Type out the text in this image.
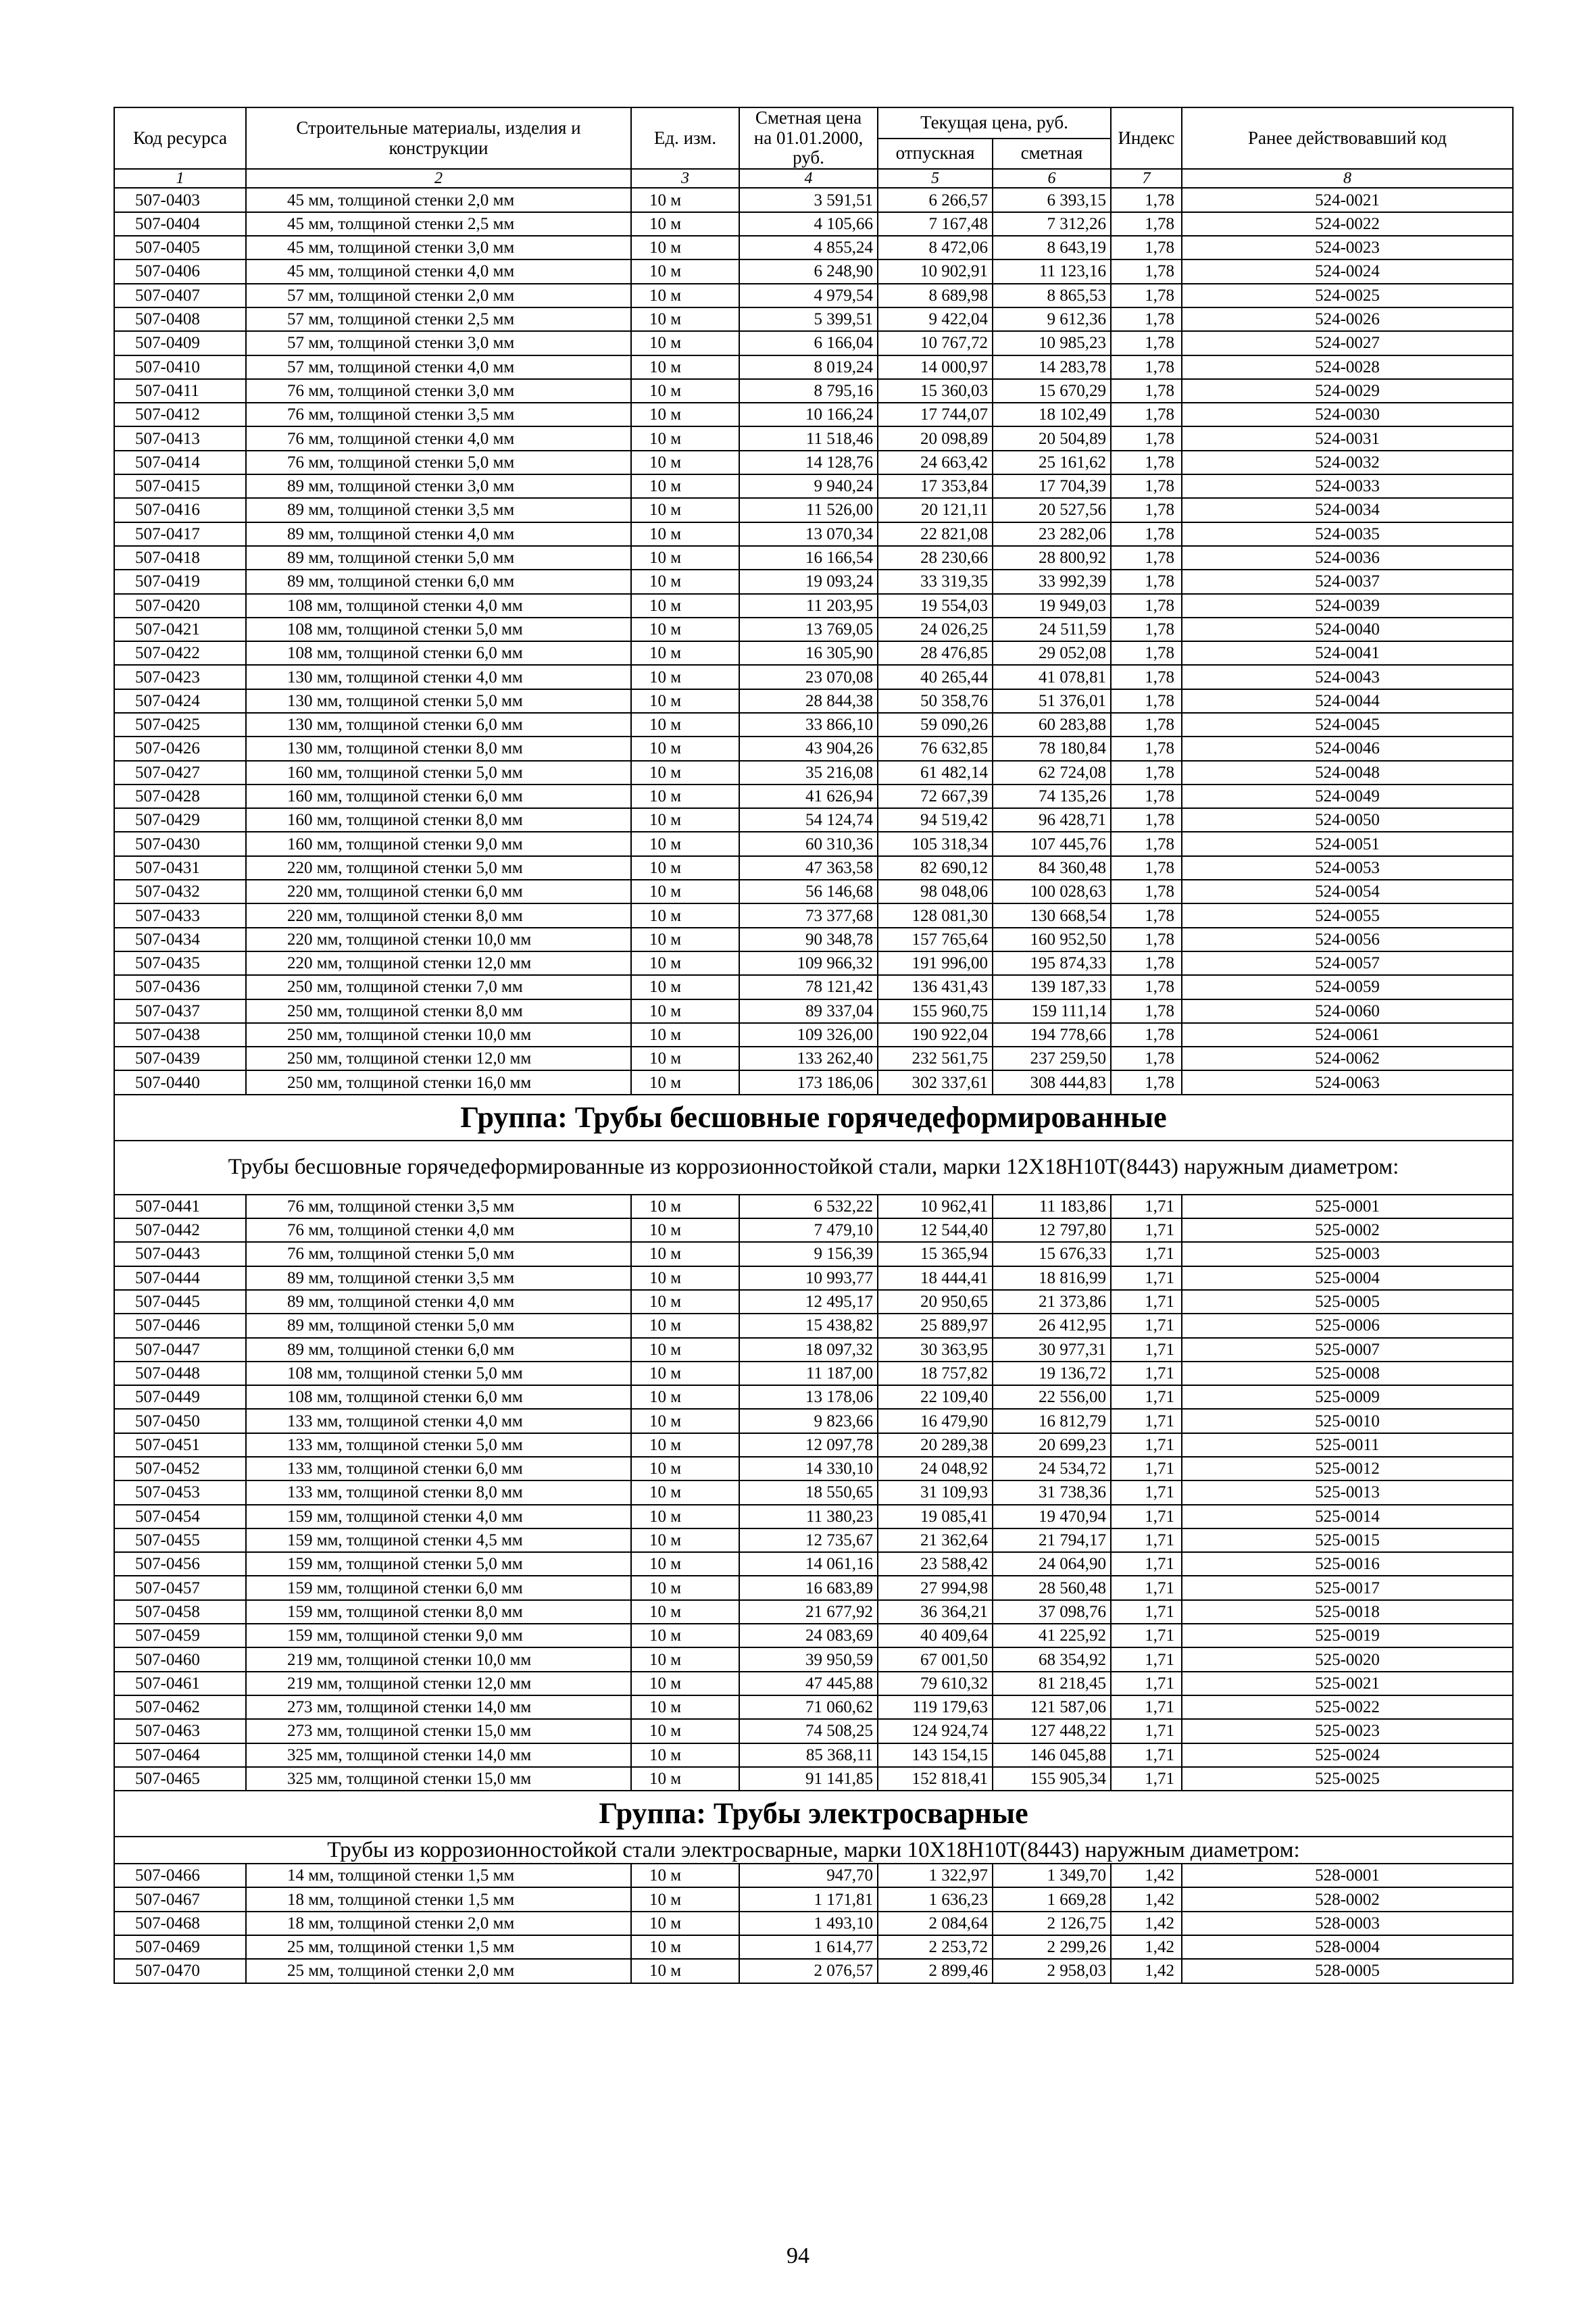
Код ресурса	Строительные материалы, изделия и конструкции	Ед. изм.	Сметная цена на 01.01.2000, руб.	Текущая цена, руб.		Индекс	Ранее действовавший код
				отпускная	сметная		
1	2	3	4	5	6	7	8
507-0403	45 мм, толщиной стенки 2,0 мм	10 м	3 591,51	6 266,57	6 393,15	1,78	524-0021
507-0404	45 мм, толщиной стенки 2,5 мм	10 м	4 105,66	7 167,48	7 312,26	1,78	524-0022
507-0405	45 мм, толщиной стенки 3,0 мм	10 м	4 855,24	8 472,06	8 643,19	1,78	524-0023
507-0406	45 мм, толщиной стенки 4,0 мм	10 м	6 248,90	10 902,91	11 123,16	1,78	524-0024
507-0407	57 мм, толщиной стенки 2,0 мм	10 м	4 979,54	8 689,98	8 865,53	1,78	524-0025
507-0408	57 мм, толщиной стенки 2,5 мм	10 м	5 399,51	9 422,04	9 612,36	1,78	524-0026
507-0409	57 мм, толщиной стенки 3,0 мм	10 м	6 166,04	10 767,72	10 985,23	1,78	524-0027
507-0410	57 мм, толщиной стенки 4,0 мм	10 м	8 019,24	14 000,97	14 283,78	1,78	524-0028
507-0411	76 мм, толщиной стенки 3,0 мм	10 м	8 795,16	15 360,03	15 670,29	1,78	524-0029
507-0412	76 мм, толщиной стенки 3,5 мм	10 м	10 166,24	17 744,07	18 102,49	1,78	524-0030
507-0413	76 мм, толщиной стенки 4,0 мм	10 м	11 518,46	20 098,89	20 504,89	1,78	524-0031
507-0414	76 мм, толщиной стенки 5,0 мм	10 м	14 128,76	24 663,42	25 161,62	1,78	524-0032
507-0415	89 мм, толщиной стенки 3,0 мм	10 м	9 940,24	17 353,84	17 704,39	1,78	524-0033
507-0416	89 мм, толщиной стенки 3,5 мм	10 м	11 526,00	20 121,11	20 527,56	1,78	524-0034
507-0417	89 мм, толщиной стенки 4,0 мм	10 м	13 070,34	22 821,08	23 282,06	1,78	524-0035
507-0418	89 мм, толщиной стенки 5,0 мм	10 м	16 166,54	28 230,66	28 800,92	1,78	524-0036
507-0419	89 мм, толщиной стенки 6,0 мм	10 м	19 093,24	33 319,35	33 992,39	1,78	524-0037
507-0420	108 мм, толщиной стенки 4,0 мм	10 м	11 203,95	19 554,03	19 949,03	1,78	524-0039
507-0421	108 мм, толщиной стенки 5,0 мм	10 м	13 769,05	24 026,25	24 511,59	1,78	524-0040
507-0422	108 мм, толщиной стенки 6,0 мм	10 м	16 305,90	28 476,85	29 052,08	1,78	524-0041
507-0423	130 мм, толщиной стенки 4,0 мм	10 м	23 070,08	40 265,44	41 078,81	1,78	524-0043
507-0424	130 мм, толщиной стенки 5,0 мм	10 м	28 844,38	50 358,76	51 376,01	1,78	524-0044
507-0425	130 мм, толщиной стенки 6,0 мм	10 м	33 866,10	59 090,26	60 283,88	1,78	524-0045
507-0426	130 мм, толщиной стенки 8,0 мм	10 м	43 904,26	76 632,85	78 180,84	1,78	524-0046
507-0427	160 мм, толщиной стенки 5,0 мм	10 м	35 216,08	61 482,14	62 724,08	1,78	524-0048
507-0428	160 мм, толщиной стенки 6,0 мм	10 м	41 626,94	72 667,39	74 135,26	1,78	524-0049
507-0429	160 мм, толщиной стенки 8,0 мм	10 м	54 124,74	94 519,42	96 428,71	1,78	524-0050
507-0430	160 мм, толщиной стенки 9,0 мм	10 м	60 310,36	105 318,34	107 445,76	1,78	524-0051
507-0431	220 мм, толщиной стенки 5,0 мм	10 м	47 363,58	82 690,12	84 360,48	1,78	524-0053
507-0432	220 мм, толщиной стенки 6,0 мм	10 м	56 146,68	98 048,06	100 028,63	1,78	524-0054
507-0433	220 мм, толщиной стенки 8,0 мм	10 м	73 377,68	128 081,30	130 668,54	1,78	524-0055
507-0434	220 мм, толщиной стенки 10,0 мм	10 м	90 348,78	157 765,64	160 952,50	1,78	524-0056
507-0435	220 мм, толщиной стенки 12,0 мм	10 м	109 966,32	191 996,00	195 874,33	1,78	524-0057
507-0436	250 мм, толщиной стенки 7,0 мм	10 м	78 121,42	136 431,43	139 187,33	1,78	524-0059
507-0437	250 мм, толщиной стенки 8,0 мм	10 м	89 337,04	155 960,75	159 111,14	1,78	524-0060
507-0438	250 мм, толщиной стенки 10,0 мм	10 м	109 326,00	190 922,04	194 778,66	1,78	524-0061
507-0439	250 мм, толщиной стенки 12,0 мм	10 м	133 262,40	232 561,75	237 259,50	1,78	524-0062
507-0440	250 мм, толщиной стенки 16,0 мм	10 м	173 186,06	302 337,61	308 444,83	1,78	524-0063
Группа: Трубы бесшовные горячедеформированные							
Трубы бесшовные горячедеформированные из коррозионностойкой стали, марки 12Х18Н10Т(8443) наружным диаметром:							
507-0441	76 мм, толщиной стенки 3,5 мм	10 м	6 532,22	10 962,41	11 183,86	1,71	525-0001
507-0442	76 мм, толщиной стенки 4,0 мм	10 м	7 479,10	12 544,40	12 797,80	1,71	525-0002
507-0443	76 мм, толщиной стенки 5,0 мм	10 м	9 156,39	15 365,94	15 676,33	1,71	525-0003
507-0444	89 мм, толщиной стенки 3,5 мм	10 м	10 993,77	18 444,41	18 816,99	1,71	525-0004
507-0445	89 мм, толщиной стенки 4,0 мм	10 м	12 495,17	20 950,65	21 373,86	1,71	525-0005
507-0446	89 мм, толщиной стенки 5,0 мм	10 м	15 438,82	25 889,97	26 412,95	1,71	525-0006
507-0447	89 мм, толщиной стенки 6,0 мм	10 м	18 097,32	30 363,95	30 977,31	1,71	525-0007
507-0448	108 мм, толщиной стенки 5,0 мм	10 м	11 187,00	18 757,82	19 136,72	1,71	525-0008
507-0449	108 мм, толщиной стенки 6,0 мм	10 м	13 178,06	22 109,40	22 556,00	1,71	525-0009
507-0450	133 мм, толщиной стенки 4,0 мм	10 м	9 823,66	16 479,90	16 812,79	1,71	525-0010
507-0451	133 мм, толщиной стенки 5,0 мм	10 м	12 097,78	20 289,38	20 699,23	1,71	525-0011
507-0452	133 мм, толщиной стенки 6,0 мм	10 м	14 330,10	24 048,92	24 534,72	1,71	525-0012
507-0453	133 мм, толщиной стенки 8,0 мм	10 м	18 550,65	31 109,93	31 738,36	1,71	525-0013
507-0454	159 мм, толщиной стенки 4,0 мм	10 м	11 380,23	19 085,41	19 470,94	1,71	525-0014
507-0455	159 мм, толщиной стенки 4,5 мм	10 м	12 735,67	21 362,64	21 794,17	1,71	525-0015
507-0456	159 мм, толщиной стенки 5,0 мм	10 м	14 061,16	23 588,42	24 064,90	1,71	525-0016
507-0457	159 мм, толщиной стенки 6,0 мм	10 м	16 683,89	27 994,98	28 560,48	1,71	525-0017
507-0458	159 мм, толщиной стенки 8,0 мм	10 м	21 677,92	36 364,21	37 098,76	1,71	525-0018
507-0459	159 мм, толщиной стенки 9,0 мм	10 м	24 083,69	40 409,64	41 225,92	1,71	525-0019
507-0460	219 мм, толщиной стенки 10,0 мм	10 м	39 950,59	67 001,50	68 354,92	1,71	525-0020
507-0461	219 мм, толщиной стенки 12,0 мм	10 м	47 445,88	79 610,32	81 218,45	1,71	525-0021
507-0462	273 мм, толщиной стенки 14,0 мм	10 м	71 060,62	119 179,63	121 587,06	1,71	525-0022
507-0463	273 мм, толщиной стенки 15,0 мм	10 м	74 508,25	124 924,74	127 448,22	1,71	525-0023
507-0464	325 мм, толщиной стенки 14,0 мм	10 м	85 368,11	143 154,15	146 045,88	1,71	525-0024
507-0465	325 мм, толщиной стенки 15,0 мм	10 м	91 141,85	152 818,41	155 905,34	1,71	525-0025
Группа: Трубы электросварные							
Трубы из коррозионностойкой стали электросварные, марки 10Х18Н10Т(8443) наружным диаметром:							
507-0466	14 мм, толщиной стенки 1,5 мм	10 м	947,70	1 322,97	1 349,70	1,42	528-0001
507-0467	18 мм, толщиной стенки 1,5 мм	10 м	1 171,81	1 636,23	1 669,28	1,42	528-0002
507-0468	18 мм, толщиной стенки 2,0 мм	10 м	1 493,10	2 084,64	2 126,75	1,42	528-0003
507-0469	25 мм, толщиной стенки 1,5 мм	10 м	1 614,77	2 253,72	2 299,26	1,42	528-0004
507-0470	25 мм, толщиной стенки 2,0 мм	10 м	2 076,57	2 899,46	2 958,03	1,42	528-0005
94
